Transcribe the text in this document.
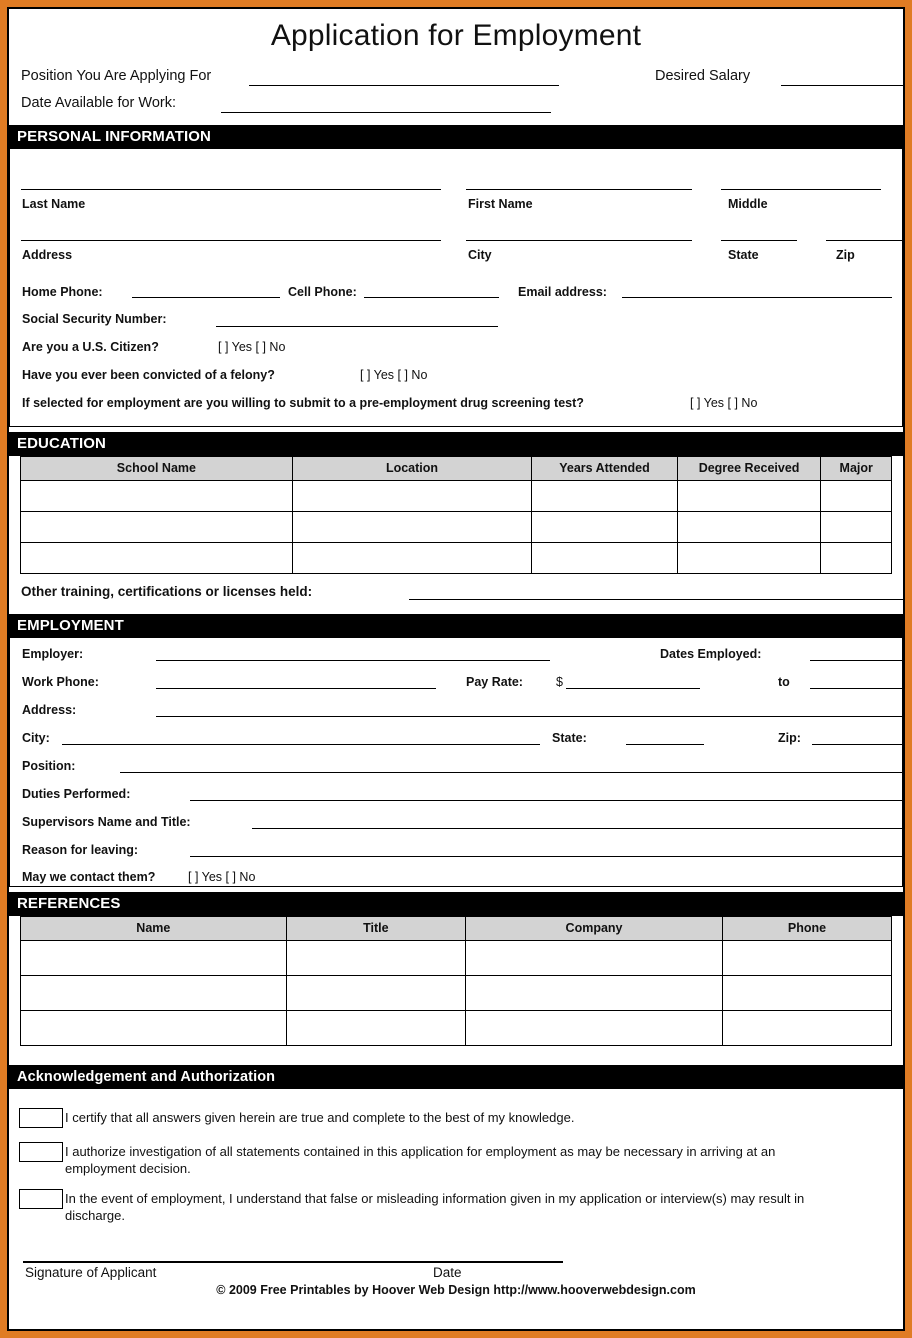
Application for Employment
Position You Are Applying For	Desired Salary
Date Available for Work:
PERSONAL INFORMATION
Last Name	First Name	Middle
Address	City	State	Zip
Home Phone:	Cell Phone:	Email address:
Social Security Number:
Are you a U.S. Citizen?	[ ] Yes [ ] No
Have you ever been convicted of a felony?	[ ] Yes [ ] No
If selected for employment are you willing to submit to a pre-employment drug screening test?	[ ] Yes [ ] No
EDUCATION
School Name	Location	Years Attended	Degree Received	Major

Other training, certifications or licenses held:
EMPLOYMENT
Employer:	Dates Employed:
Work Phone:	Pay Rate:	$	to
Address:
City:	State:	Zip:
Position:
Duties Performed:
Supervisors Name and Title:
Reason for leaving:
May we contact them?	[ ] Yes [ ] No
REFERENCES
Name	Title	Company	Phone

Acknowledgement and Authorization
I certify that all answers given herein are true and complete to the best of my knowledge.
I authorize investigation of all statements contained in this application for employment as may be necessary in arriving at an employment decision.
In the event of employment, I understand that false or misleading information given in my application or interview(s) may result in discharge.
Signature of Applicant	Date
© 2009 Free Printables by Hoover Web Design http://www.hooverwebdesign.com
